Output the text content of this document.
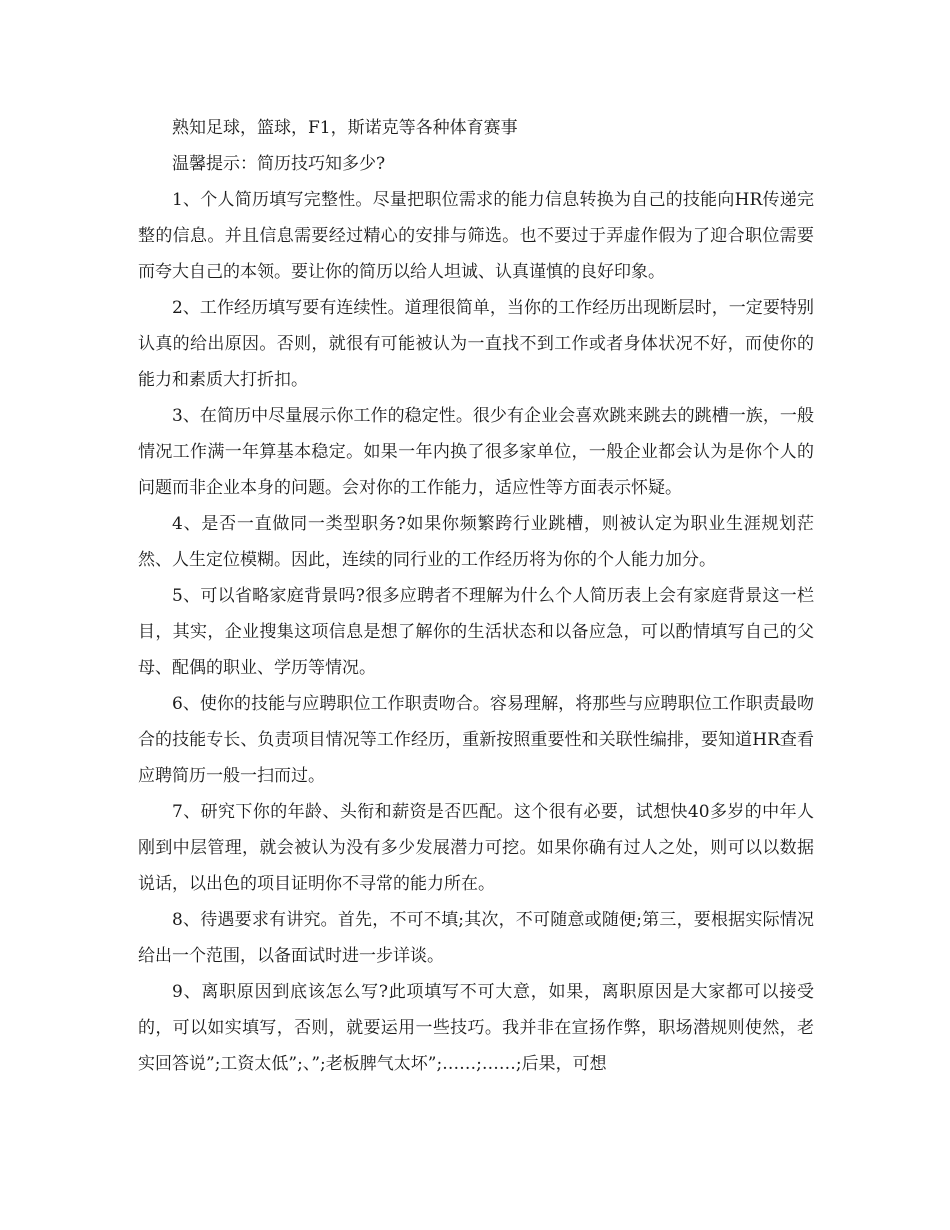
熟知足球，篮球，F1，斯诺克等各种体育赛事

温馨提示：简历技巧知多少?

1、个人简历填写完整性。尽量把职位需求的能力信息转换为自己的技能向HR传递完整的信息。并且信息需要经过精心的安排与筛选。也不要过于弄虚作假为了迎合职位需要而夸大自己的本领。要让你的简历以给人坦诚、认真谨慎的良好印象。

2、工作经历填写要有连续性。道理很简单，当你的工作经历出现断层时，一定要特别认真的给出原因。否则，就很有可能被认为一直找不到工作或者身体状况不好，而使你的能力和素质大打折扣。

3、在简历中尽量展示你工作的稳定性。很少有企业会喜欢跳来跳去的跳槽一族，一般情况工作满一年算基本稳定。如果一年内换了很多家单位，一般企业都会认为是你个人的问题而非企业本身的问题。会对你的工作能力，适应性等方面表示怀疑。

4、是否一直做同一类型职务?如果你频繁跨行业跳槽，则被认定为职业生涯规划茫然、人生定位模糊。因此，连续的同行业的工作经历将为你的个人能力加分。

5、可以省略家庭背景吗?很多应聘者不理解为什么个人简历表上会有家庭背景这一栏目，其实，企业搜集这项信息是想了解你的生活状态和以备应急，可以酌情填写自己的父母、配偶的职业、学历等情况。

6、使你的技能与应聘职位工作职责吻合。容易理解，将那些与应聘职位工作职责最吻合的技能专长、负责项目情况等工作经历，重新按照重要性和关联性编排，要知道HR查看应聘简历一般一扫而过。

7、研究下你的年龄、头衔和薪资是否匹配。这个很有必要，试想快40多岁的中年人刚到中层管理，就会被认为没有多少发展潜力可挖。如果你确有过人之处，则可以以数据说话，以出色的项目证明你不寻常的能力所在。

8、待遇要求有讲究。首先，不可不填;其次，不可随意或随便;第三，要根据实际情况给出一个范围，以备面试时进一步详谈。

9、离职原因到底该怎么写?此项填写不可大意，如果，离职原因是大家都可以接受的，可以如实填写，否则，就要运用一些技巧。我并非在宣扬作弊，职场潜规则使然，老实回答说”;工资太低”;、”;老板脾气太坏”;……;……;后果，可想
